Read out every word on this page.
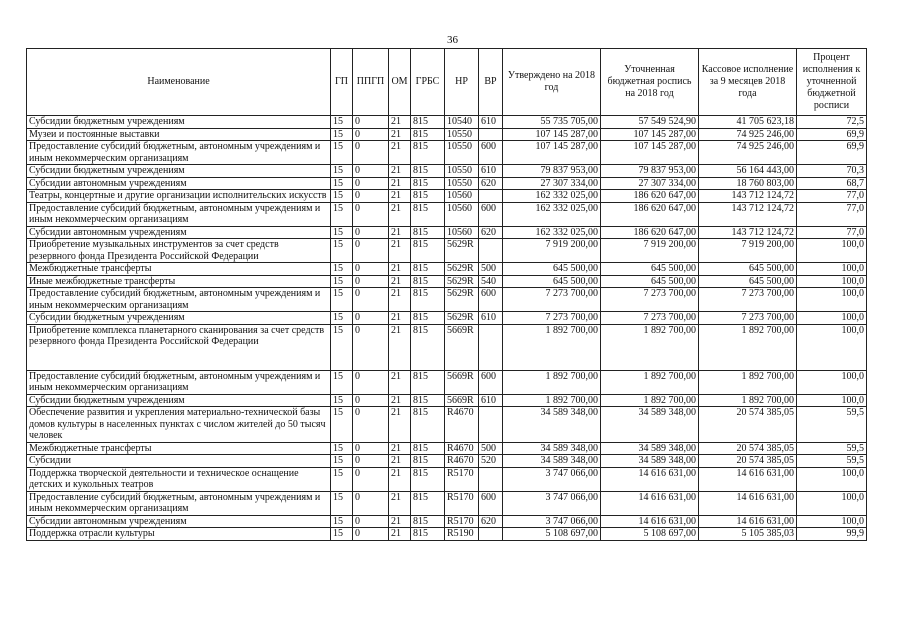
36
Наименование	ГП	ППГП	ОМ	ГРБС	НР	ВР	Утверждено на 2018 год	Уточненная бюджетная роспись на 2018 год	Кассовое исполнение за 9 месяцев 2018 года	Процент исполнения к уточненной бюджетной росписи
Субсидии бюджетным учреждениям	15	0	21	815	10540	610	55 735 705,00	57 549 524,90	41 705 623,18	72,5
Музеи и постоянные выставки	15	0	21	815	10550		107 145 287,00	107 145 287,00	74 925 246,00	69,9
Предоставление субсидий бюджетным, автономным учреждениям и иным некоммерческим организациям	15	0	21	815	10550	600	107 145 287,00	107 145 287,00	74 925 246,00	69,9
Субсидии бюджетным учреждениям	15	0	21	815	10550	610	79 837 953,00	79 837 953,00	56 164 443,00	70,3
Субсидии автономным учреждениям	15	0	21	815	10550	620	27 307 334,00	27 307 334,00	18 760 803,00	68,7
Театры, концертные и другие организации исполнительских искусств	15	0	21	815	10560		162 332 025,00	186 620 647,00	143 712 124,72	77,0
Предоставление субсидий бюджетным, автономным учреждениям и иным некоммерческим организациям	15	0	21	815	10560	600	162 332 025,00	186 620 647,00	143 712 124,72	77,0
Субсидии автономным учреждениям	15	0	21	815	10560	620	162 332 025,00	186 620 647,00	143 712 124,72	77,0
Приобретение музыкальных инструментов за счет средств резервного фонда Президента Российской Федерации	15	0	21	815	5629R		7 919 200,00	7 919 200,00	7 919 200,00	100,0
Межбюджетные трансферты	15	0	21	815	5629R	500	645 500,00	645 500,00	645 500,00	100,0
Иные межбюджетные трансферты	15	0	21	815	5629R	540	645 500,00	645 500,00	645 500,00	100,0
Предоставление субсидий бюджетным, автономным учреждениям и иным некоммерческим организациям	15	0	21	815	5629R	600	7 273 700,00	7 273 700,00	7 273 700,00	100,0
Субсидии бюджетным учреждениям	15	0	21	815	5629R	610	7 273 700,00	7 273 700,00	7 273 700,00	100,0
Приобретение комплекса планетарного сканирования за счет средств резервного фонда Президента Российской Федерации	15	0	21	815	5669R		1 892 700,00	1 892 700,00	1 892 700,00	100,0
Предоставление субсидий бюджетным, автономным учреждениям и иным некоммерческим организациям	15	0	21	815	5669R	600	1 892 700,00	1 892 700,00	1 892 700,00	100,0
Субсидии бюджетным учреждениям	15	0	21	815	5669R	610	1 892 700,00	1 892 700,00	1 892 700,00	100,0
Обеспечение развития и укрепления материально-технической базы домов культуры в населенных пунктах с числом жителей до 50 тысяч человек	15	0	21	815	R4670		34 589 348,00	34 589 348,00	20 574 385,05	59,5
Межбюджетные трансферты	15	0	21	815	R4670	500	34 589 348,00	34 589 348,00	20 574 385,05	59,5
Субсидии	15	0	21	815	R4670	520	34 589 348,00	34 589 348,00	20 574 385,05	59,5
Поддержка творческой деятельности и техническое оснащение детских и кукольных театров	15	0	21	815	R5170		3 747 066,00	14 616 631,00	14 616 631,00	100,0
Предоставление субсидий бюджетным, автономным учреждениям и иным некоммерческим организациям	15	0	21	815	R5170	600	3 747 066,00	14 616 631,00	14 616 631,00	100,0
Субсидии автономным учреждениям	15	0	21	815	R5170	620	3 747 066,00	14 616 631,00	14 616 631,00	100,0
Поддержка отрасли культуры	15	0	21	815	R5190		5 108 697,00	5 108 697,00	5 105 385,03	99,9
